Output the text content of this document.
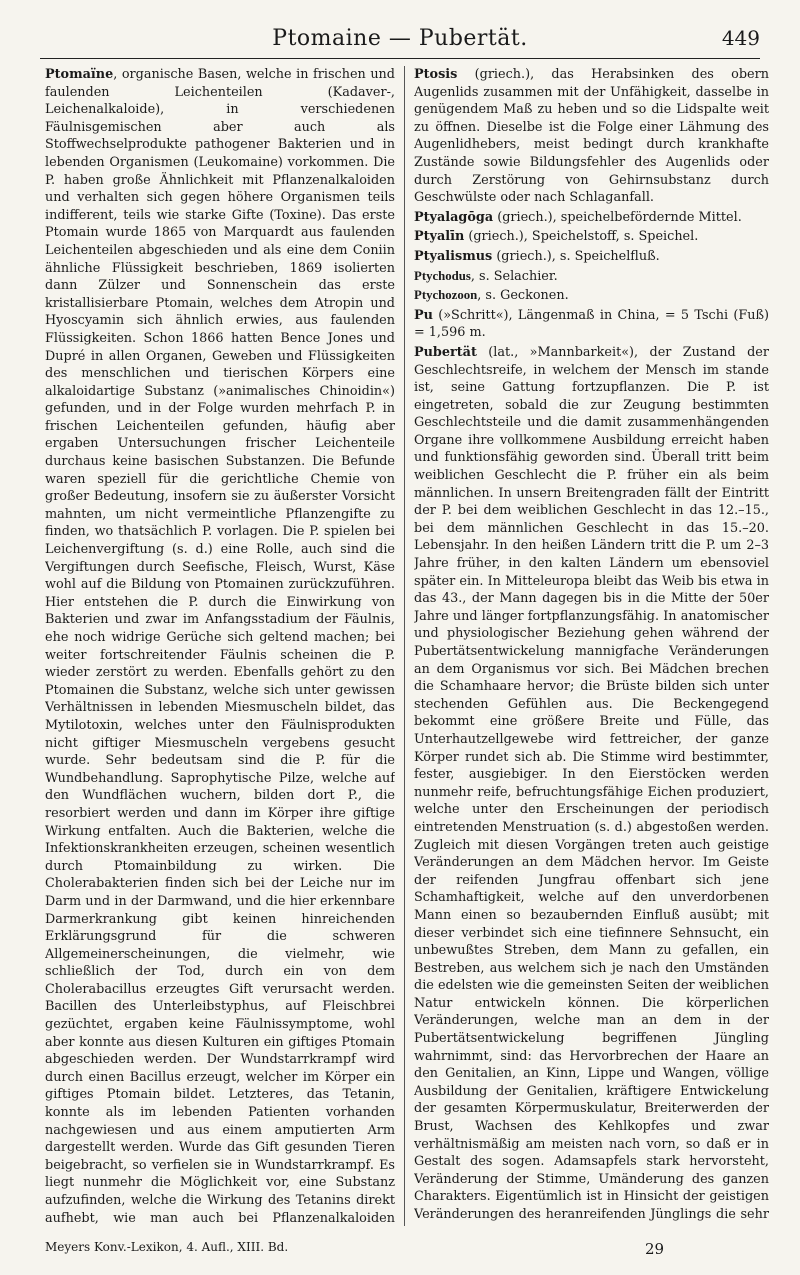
Ptomaine — Pubertät.	449

Ptomaïne, organische Basen, welche in frischen und faulenden Leichenteilen (Kadaver-, Leichenalkaloide), in verschiedenen Fäulnisgemischen aber auch als Stoffwechselprodukte pathogener Bakterien und in lebenden Organismen (Leukomaine) vorkommen. Die P. haben große Ähnlichkeit mit Pflanzenalkaloiden und verhalten sich gegen höhere Organismen teils indifferent, teils wie starke Gifte (Toxine). Das erste Ptomain wurde 1865 von Marquardt aus faulenden Leichenteilen abgeschieden und als eine dem Coniin ähnliche Flüssigkeit beschrieben, 1869 isolierten dann Zülzer und Sonnenschein das erste kristallisierbare Ptomain, welches dem Atropin und Hyoscyamin sich ähnlich erwies, aus faulenden Flüssigkeiten. Schon 1866 hatten Bence Jones und Dupré in allen Organen, Geweben und Flüssigkeiten des menschlichen und tierischen Körpers eine alkaloidartige Substanz (»animalisches Chinoidin«) gefunden, und in der Folge wurden mehrfach P. in frischen Leichenteilen gefunden, häufig aber ergaben Untersuchungen frischer Leichenteile durchaus keine basischen Substanzen. Die Befunde waren speziell für die gerichtliche Chemie von großer Bedeutung, insofern sie zu äußerster Vorsicht mahnten, um nicht vermeintliche Pflanzengifte zu finden, wo thatsächlich P. vorlagen. Die P. spielen bei Leichenvergiftung (s. d.) eine Rolle, auch sind die Vergiftungen durch Seefische, Fleisch, Wurst, Käse wohl auf die Bildung von Ptomainen zurückzuführen. Hier entstehen die P. durch die Einwirkung von Bakterien und zwar im Anfangsstadium der Fäulnis, ehe noch widrige Gerüche sich geltend machen; bei weiter fortschreitender Fäulnis scheinen die P. wieder zerstört zu werden. Ebenfalls gehört zu den Ptomainen die Substanz, welche sich unter gewissen Verhältnissen in lebenden Miesmuscheln bildet, das Mytilotoxin, welches unter den Fäulnisprodukten nicht giftiger Miesmuscheln vergebens gesucht wurde. Sehr bedeutsam sind die P. für die Wundbehandlung. Saprophytische Pilze, welche auf den Wundflächen wuchern, bilden dort P., die resorbiert werden und dann im Körper ihre giftige Wirkung entfalten. Auch die Bakterien, welche die Infektionskrankheiten erzeugen, scheinen wesentlich durch Ptomainbildung zu wirken. Die Cholerabakterien finden sich bei der Leiche nur im Darm und in der Darmwand, und die hier erkennbare Darmerkrankung gibt keinen hinreichenden Erklärungsgrund für die schweren Allgemeinerscheinungen, die vielmehr, wie schließlich der Tod, durch ein von dem Cholerabacillus erzeugtes Gift verursacht werden. Bacillen des Unterleibstyphus, auf Fleischbrei gezüchtet, ergaben keine Fäulnissymptome, wohl aber konnte aus diesen Kulturen ein giftiges Ptomain abgeschieden werden. Der Wundstarrkrampf wird durch einen Bacillus erzeugt, welcher im Körper ein giftiges Ptomain bildet. Letzteres, das Tetanin, konnte als im lebenden Patienten vorhanden nachgewiesen und aus einem amputierten Arm dargestellt werden. Wurde das Gift gesunden Tieren beigebracht, so verfielen sie in Wundstarrkrampf. Es liegt nunmehr die Möglichkeit vor, eine Substanz aufzufinden, welche die Wirkung des Tetanins direkt aufhebt, wie man auch bei Pflanzenalkaloiden

Ptosis (griech.), das Herabsinken des obern Augenlids zusammen mit der Unfähigkeit, dasselbe in genügendem Maß zu heben und so die Lidspalte weit zu öffnen. Dieselbe ist die Folge einer Lähmung des Augenlidhebers, meist bedingt durch krankhafte Zustände sowie Bildungsfehler des Augenlids oder durch Zerstörung von Gehirnsubstanz durch Geschwülste oder nach Schlaganfall.

Ptyalagōga (griech.), speichelbefördernde Mittel.

Ptyalīn (griech.), Speichelstoff, s. Speichel.

Ptyalismus (griech.), s. Speichelfluß.

Ptychodus, s. Selachier.

Ptychozoon, s. Geckonen.

Pu (»Schritt«), Längenmaß in China, = 5 Tschi (Fuß) = 1,596 m.

Pubertät (lat., »Mannbarkeit«), der Zustand der Geschlechtsreife, in welchem der Mensch im stande ist, seine Gattung fortzupflanzen. Die P. ist eingetreten, sobald die zur Zeugung bestimmten Geschlechtsteile und die damit zusammenhängenden Organe ihre vollkommene Ausbildung erreicht haben und funktionsfähig geworden sind. Überall tritt beim weiblichen Geschlecht die P. früher ein als beim männlichen. In unsern Breitengraden fällt der Eintritt der P. bei dem weiblichen Geschlecht in das 12.–15., bei dem männlichen Geschlecht in das 15.–20. Lebensjahr. In den heißen Ländern tritt die P. um 2–3 Jahre früher, in den kalten Ländern um ebensoviel später ein. In Mitteleuropa bleibt das Weib bis etwa in das 43., der Mann dagegen bis in die Mitte der 50er Jahre und länger fortpflanzungsfähig. In anatomischer und physiologischer Beziehung gehen während der Pubertätsentwickelung mannigfache Veränderungen an dem Organismus vor sich. Bei Mädchen brechen die Schamhaare hervor; die Brüste bilden sich unter stechenden Gefühlen aus. Die Beckengegend bekommt eine größere Breite und Fülle, das Unterhautzellgewebe wird fettreicher, der ganze Körper rundet sich ab. Die Stimme wird bestimmter, fester, ausgiebiger. In den Eierstöcken werden nunmehr reife, befruchtungsfähige Eichen produziert, welche unter den Erscheinungen der periodisch eintretenden Menstruation (s. d.) abgestoßen werden. Zugleich mit diesen Vorgängen treten auch geistige Veränderungen an dem Mädchen hervor. Im Geiste der reifenden Jungfrau offenbart sich jene Schamhaftigkeit, welche auf den unverdorbenen Mann einen so bezaubernden Einfluß ausübt; mit dieser verbindet sich eine tiefinnere Sehnsucht, ein unbewußtes Streben, dem Mann zu gefallen, ein Bestreben, aus welchem sich je nach den Umständen die edelsten wie die gemeinsten Seiten der weiblichen Natur entwickeln können. Die körperlichen Veränderungen, welche man an dem in der Pubertätsentwickelung begriffenen Jüngling wahrnimmt, sind: das Hervorbrechen der Haare an den Genitalien, an Kinn, Lippe und Wangen, völlige Ausbildung der Genitalien, kräftigere Entwickelung der gesamten Körpermuskulatur, Breiterwerden der Brust, Wachsen des Kehlkopfes und zwar verhältnismäßig am meisten nach vorn, so daß er in Gestalt des sogen. Adamsapfels stark hervorsteht, Veränderung der Stimme, Umänderung des ganzen Charakters. Eigentümlich ist in Hinsicht der geistigen Veränderungen des heranreifenden Jünglings die sehr

Meyers Konv.-Lexikon, 4. Aufl., XIII. Bd.	29
